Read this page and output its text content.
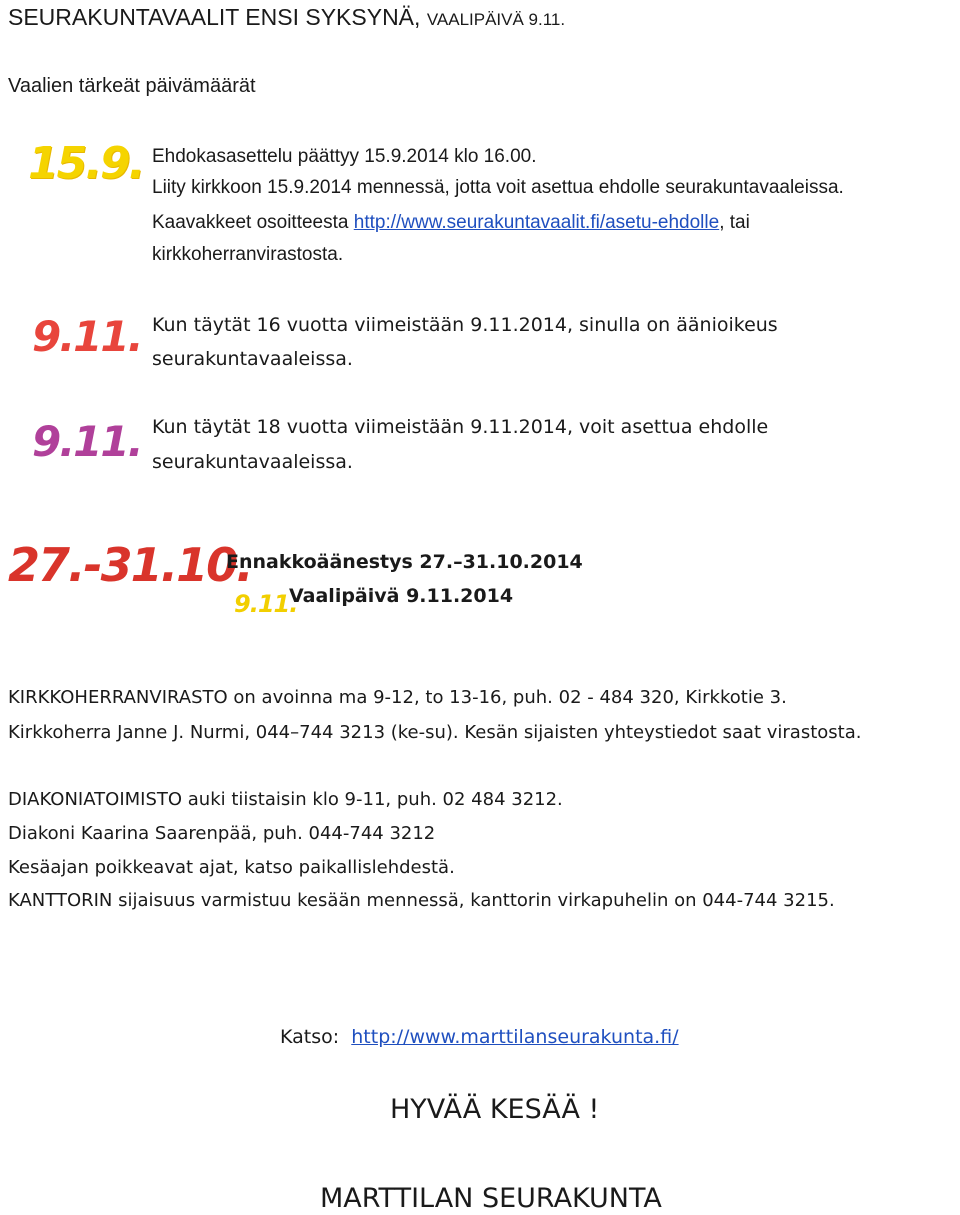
SEURAKUNTAVAALIT ENSI SYKSYNÄ, VAALIPÄIVÄ 9.11.
Vaalien tärkeät päivämäärät
15.9. Ehdokasasettelu päättyy 15.9.2014 klo 16.00.
Liity kirkkoon 15.9.2014 mennessä, jotta voit asettua ehdolle seurakuntavaaleissa.
Kaavakkeet osoitteesta http://www.seurakuntavaalit.fi/asetu-ehdolle, tai
kirkkoherranvirastosta.
9.11. Kun täytät 16 vuotta viimeistään 9.11.2014, sinulla on äänioikeus
seurakuntavaaleissa.
9.11. Kun täytät 18 vuotta viimeistään 9.11.2014, voit asettua ehdolle
seurakuntavaaleissa.
27.-31.10.
Ennakkoäänestys 27.–31.10.2014
9.11.
Vaalipäivä 9.11.2014
KIRKKOHERRANVIRASTO on avoinna ma 9-12, to 13-16, puh. 02 - 484 320, Kirkkotie 3.
Kirkkoherra Janne J. Nurmi, 044–744 3213 (ke-su). Kesän sijaisten yhteystiedot saat virastosta.
DIAKONIATOIMISTO auki tiistaisin klo 9-11, puh. 02 484 3212.
Diakoni Kaarina Saarenpää, puh. 044-744 3212
Kesäajan poikkeavat ajat, katso paikallislehdestä.
KANTTORIN sijaisuus varmistuu kesään mennessä, kanttorin virkapuhelin on 044-744 3215.
Katso: http://www.marttilanseurakunta.fi/
HYVÄÄ KESÄÄ !
MARTTILAN SEURAKUNTA
